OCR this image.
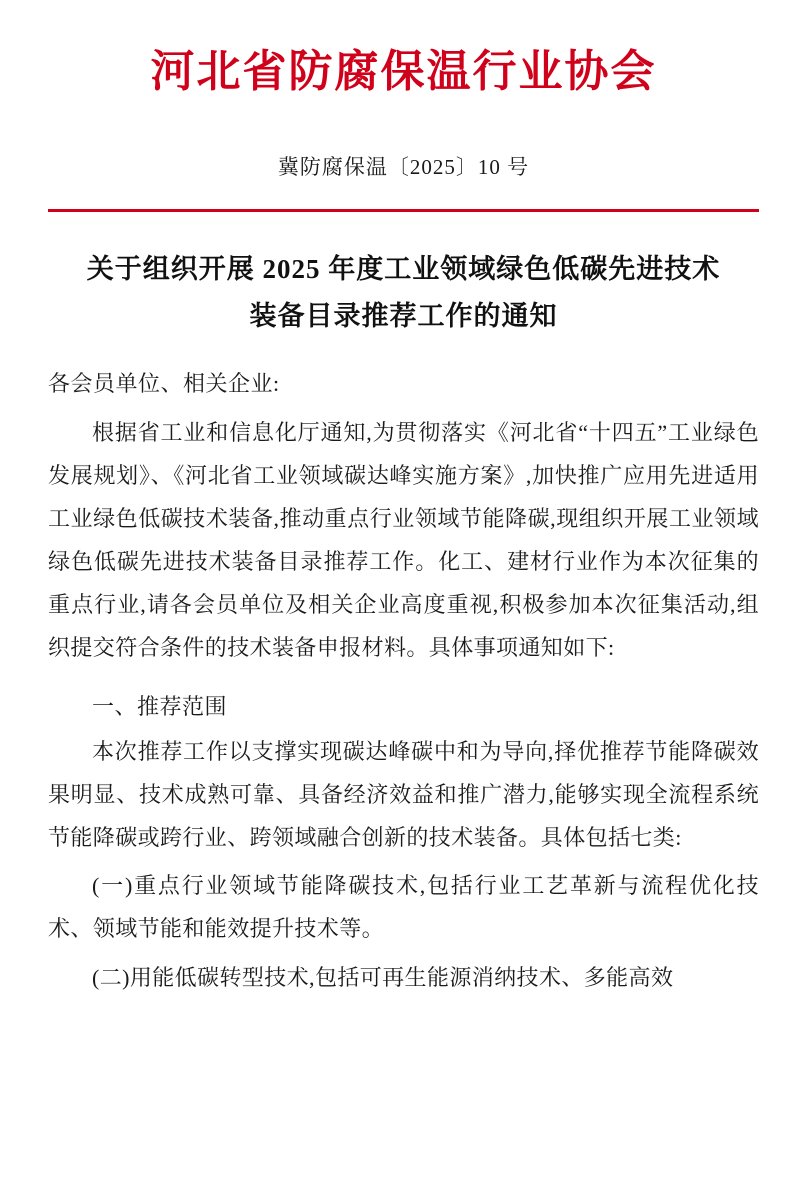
河北省防腐保温行业协会
冀防腐保温〔2025〕10 号
关于组织开展 2025 年度工业领域绿色低碳先进技术装备目录推荐工作的通知
各会员单位、相关企业:

根据省工业和信息化厅通知,为贯彻落实《河北省“十四五”工业绿色发展规划》、《河北省工业领域碳达峰实施方案》,加快推广应用先进适用工业绿色低碳技术装备,推动重点行业领域节能降碳,现组织开展工业领域绿色低碳先进技术装备目录推荐工作。化工、建材行业作为本次征集的重点行业,请各会员单位及相关企业高度重视,积极参加本次征集活动,组织提交符合条件的技术装备申报材料。具体事项通知如下:

一、推荐范围

本次推荐工作以支撑实现碳达峰碳中和为导向,择优推荐节能降碳效果明显、技术成熟可靠、具备经济效益和推广潜力,能够实现全流程系统节能降碳或跨行业、跨领域融合创新的技术装备。具体包括七类:

(一)重点行业领域节能降碳技术,包括行业工艺革新与流程优化技术、领域节能和能效提升技术等。

(二)用能低碳转型技术,包括可再生能源消纳技术、多能高效
